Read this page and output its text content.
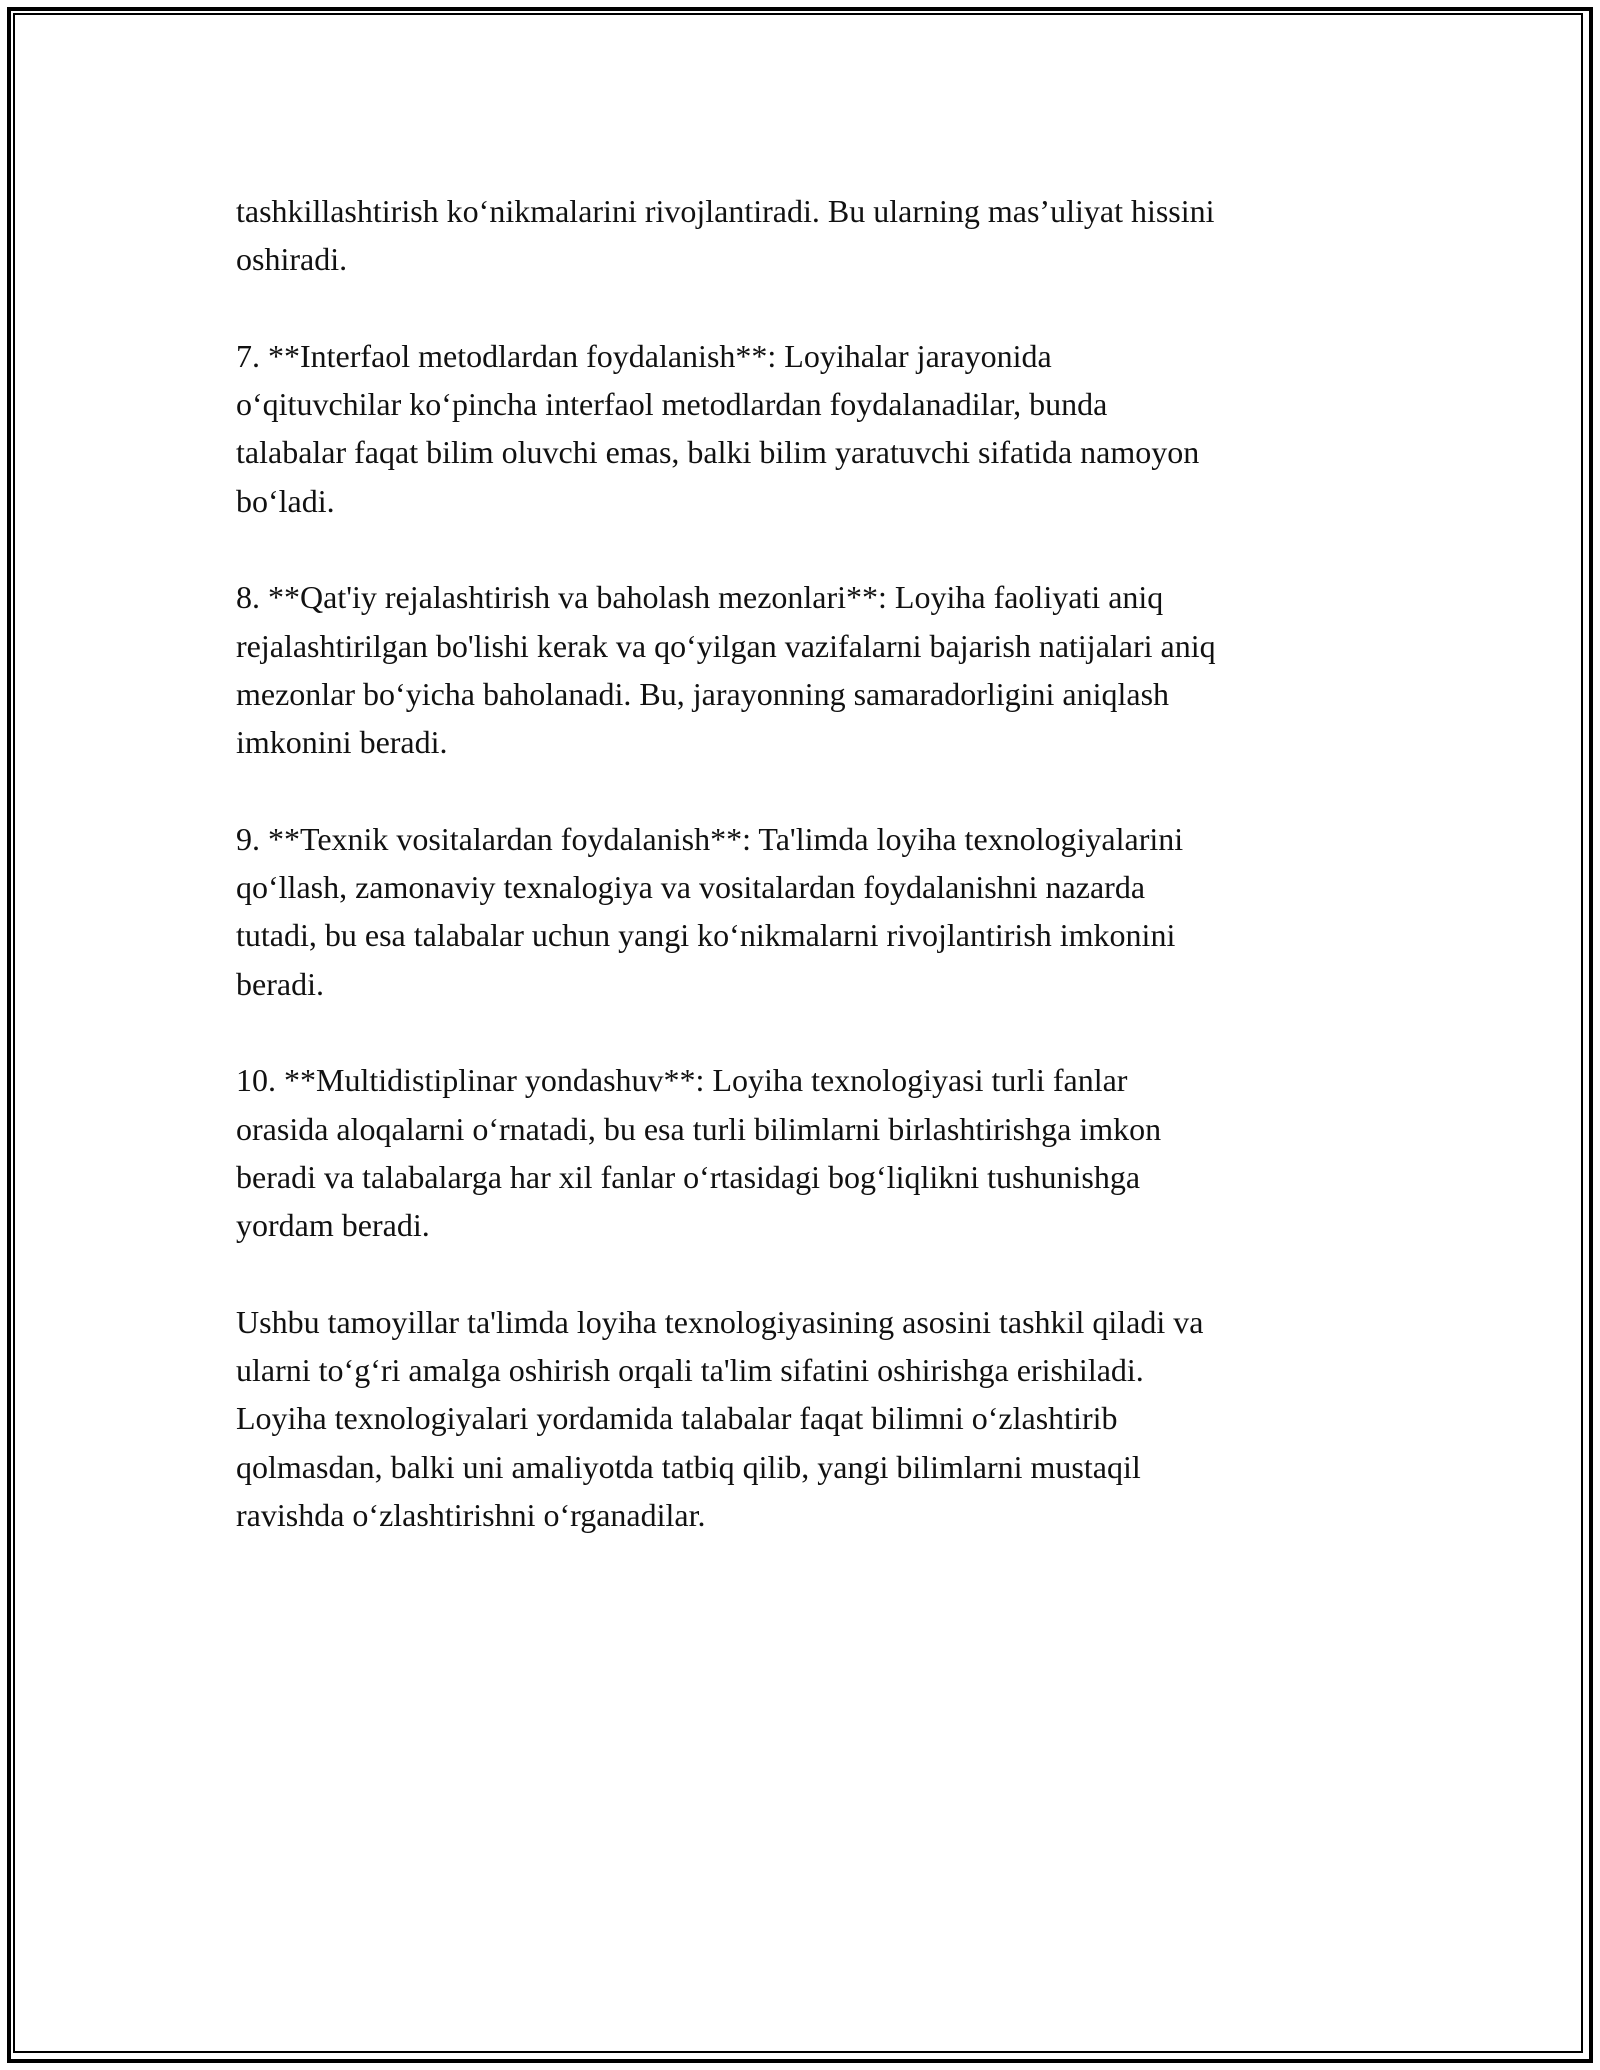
tashkillashtirish ko‘nikmalarini rivojlantiradi. Bu ularning mas’uliyat hissini
oshiradi.

7. **Interfaol metodlardan foydalanish**: Loyihalar jarayonida
o‘qituvchilar ko‘pincha interfaol metodlardan foydalanadilar, bunda
talabalar faqat bilim oluvchi emas, balki bilim yaratuvchi sifatida namoyon
bo‘ladi.

8. **Qat'iy rejalashtirish va baholash mezonlari**: Loyiha faoliyati aniq
rejalashtirilgan bo'lishi kerak va qo‘yilgan vazifalarni bajarish natijalari aniq
mezonlar bo‘yicha baholanadi. Bu, jarayonning samaradorligini aniqlash
imkonini beradi.

9. **Texnik vositalardan foydalanish**: Ta'limda loyiha texnologiyalarini
qo‘llash, zamonaviy texnalogiya va vositalardan foydalanishni nazarda
tutadi, bu esa talabalar uchun yangi ko‘nikmalarni rivojlantirish imkonini
beradi.

10. **Multidistiplinar yondashuv**: Loyiha texnologiyasi turli fanlar
orasida aloqalarni o‘rnatadi, bu esa turli bilimlarni birlashtirishga imkon
beradi va talabalarga har xil fanlar o‘rtasidagi bog‘liqlikni tushunishga
yordam beradi.

Ushbu tamoyillar ta'limda loyiha texnologiyasining asosini tashkil qiladi va
ularni to‘g‘ri amalga oshirish orqali ta'lim sifatini oshirishga erishiladi.
Loyiha texnologiyalari yordamida talabalar faqat bilimni o‘zlashtirib
qolmasdan, balki uni amaliyotda tatbiq qilib, yangi bilimlarni mustaqil
ravishda o‘zlashtirishni o‘rganadilar.
